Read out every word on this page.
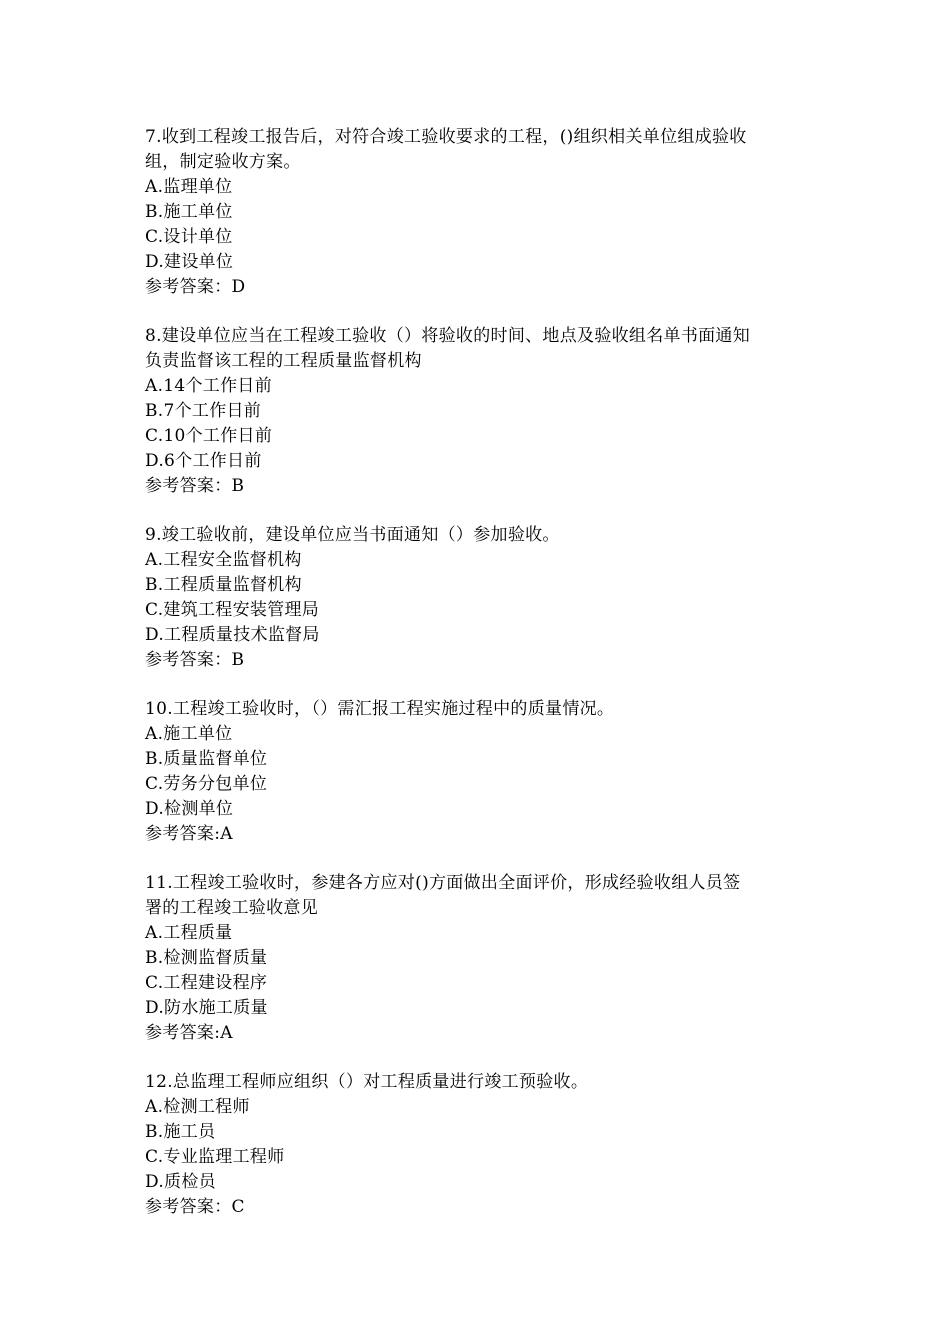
7.收到工程竣工报告后，对符合竣工验收要求的工程，()组织相关单位组成验收
组，制定验收方案。
A.监理单位
B.施工单位
C.设计单位
D.建设单位
参考答案：D
8.建设单位应当在工程竣工验收（）将验收的时间、地点及验收组名单书面通知
负责监督该工程的工程质量监督机构
A.14个工作日前
B.7个工作日前
C.10个工作日前
D.6个工作日前
参考答案：B
9.竣工验收前，建设单位应当书面通知（）参加验收。
A.工程安全监督机构
B.工程质量监督机构
C.建筑工程安装管理局
D.工程质量技术监督局
参考答案：B
10.工程竣工验收时，（）需汇报工程实施过程中的质量情况。
A.施工单位
B.质量监督单位
C.劳务分包单位
D.检测单位
参考答案:A
11.工程竣工验收时，参建各方应对()方面做出全面评价，形成经验收组人员签
署的工程竣工验收意见
A.工程质量
B.检测监督质量
C.工程建设程序
D.防水施工质量
参考答案:A
12.总监理工程师应组织（）对工程质量进行竣工预验收。
A.检测工程师
B.施工员
C.专业监理工程师
D.质检员
参考答案：C
